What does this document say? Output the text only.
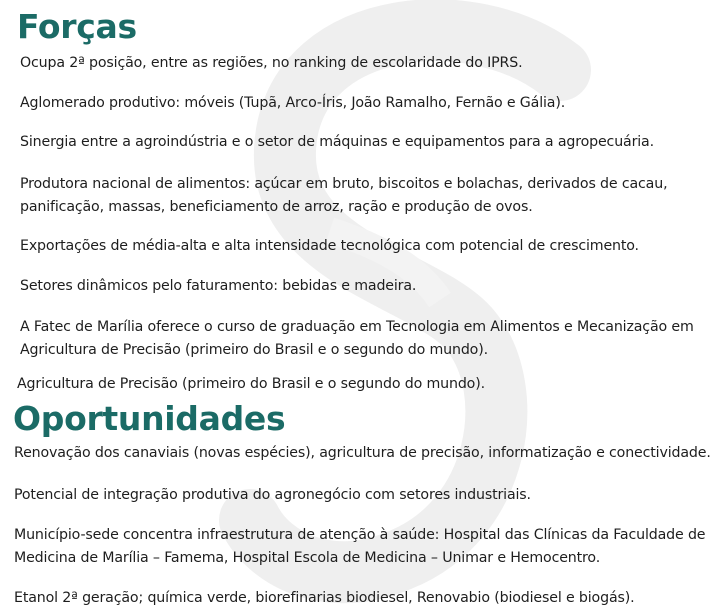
Forças

Ocupa 2ª posição, entre as regiões, no ranking de escolaridade do IPRS.

Aglomerado produtivo: móveis (Tupã, Arco-Íris, João Ramalho, Fernão e Gália).

Sinergia entre a agroindústria e o setor de máquinas e equipamentos para a agropecuária.

Produtora nacional de alimentos: açúcar em bruto, biscoitos e bolachas, derivados de cacau,

panificação, massas, beneficiamento de arroz, ração e produção de ovos.

Exportações de média-alta e alta intensidade tecnológica com potencial de crescimento.

Setores dinâmicos pelo faturamento: bebidas e madeira.

A Fatec de Marília oferece o curso de graduação em Tecnologia em Alimentos e Mecanização em

Agricultura de Precisão (primeiro do Brasil e o segundo do mundo).

Agricultura de Precisão (primeiro do Brasil e o segundo do mundo).

Oportunidades

Renovação dos canaviais (novas espécies), agricultura de precisão, informatização e conectividade.

Potencial de integração produtiva do agronegócio com setores industriais.

Município-sede concentra infraestrutura de atenção à saúde: Hospital das Clínicas da Faculdade de

Medicina de Marília – Famema, Hospital Escola de Medicina – Unimar e Hemocentro.

Etanol 2ª geração; química verde, biorefinarias biodiesel, Renovabio (biodiesel e biogás).
